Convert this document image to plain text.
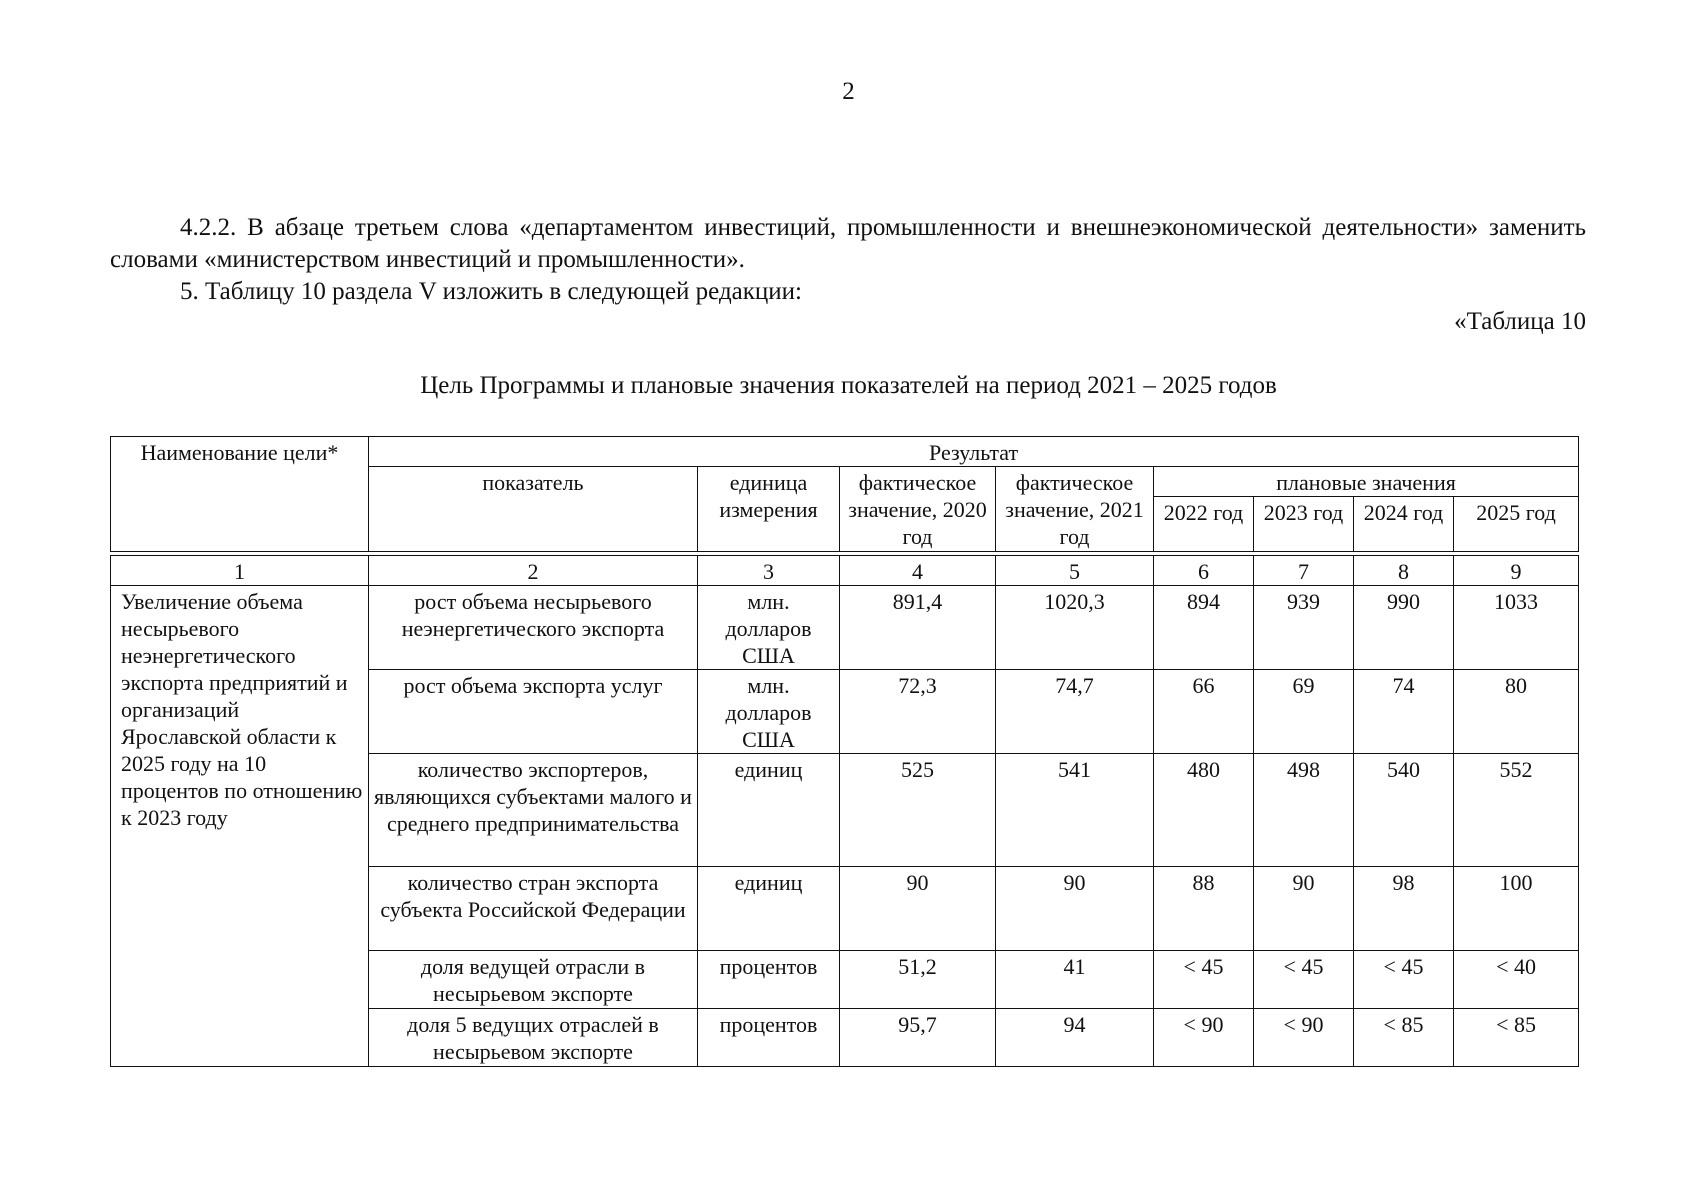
2
4.2.2. В абзаце третьем слова «департаментом инвестиций, промышленности и внешнеэкономической деятельности» заменить словами «министерством инвестиций и промышленности».
5. Таблицу 10 раздела V изложить в следующей редакции:
«Таблица 10
Цель Программы и плановые значения показателей на период 2021 – 2025 годов
Наименование цели*	Результат							
	показатель	единица измерения	фактическое значение, 2020 год	фактическое значение, 2021 год	плановые значения			
					2022 год	2023 год	2024 год	2025 год

1	2	3	4	5	6	7	8	9
Увеличение объема несырьевого неэнергетического экспорта предприятий и организаций Ярославской области к 2025 году на 10 процентов по отношению к 2023 году	рост объема несырьевого неэнергетического экспорта	млн. долларов США	891,4	1020,3	894	939	990	1033
	рост объема экспорта услуг	млн. долларов США	72,3	74,7	66	69	74	80
	количество экспортеров, являющихся субъектами малого и среднего предпринимательства	единиц	525	541	480	498	540	552
	количество стран экспорта субъекта Российской Федерации	единиц	90	90	88	90	98	100
	доля ведущей отрасли в несырьевом экспорте	процентов	51,2	41	< 45	< 45	< 45	< 40
	доля 5 ведущих отраслей в несырьевом экспорте	процентов	95,7	94	< 90	< 90	< 85	< 85
